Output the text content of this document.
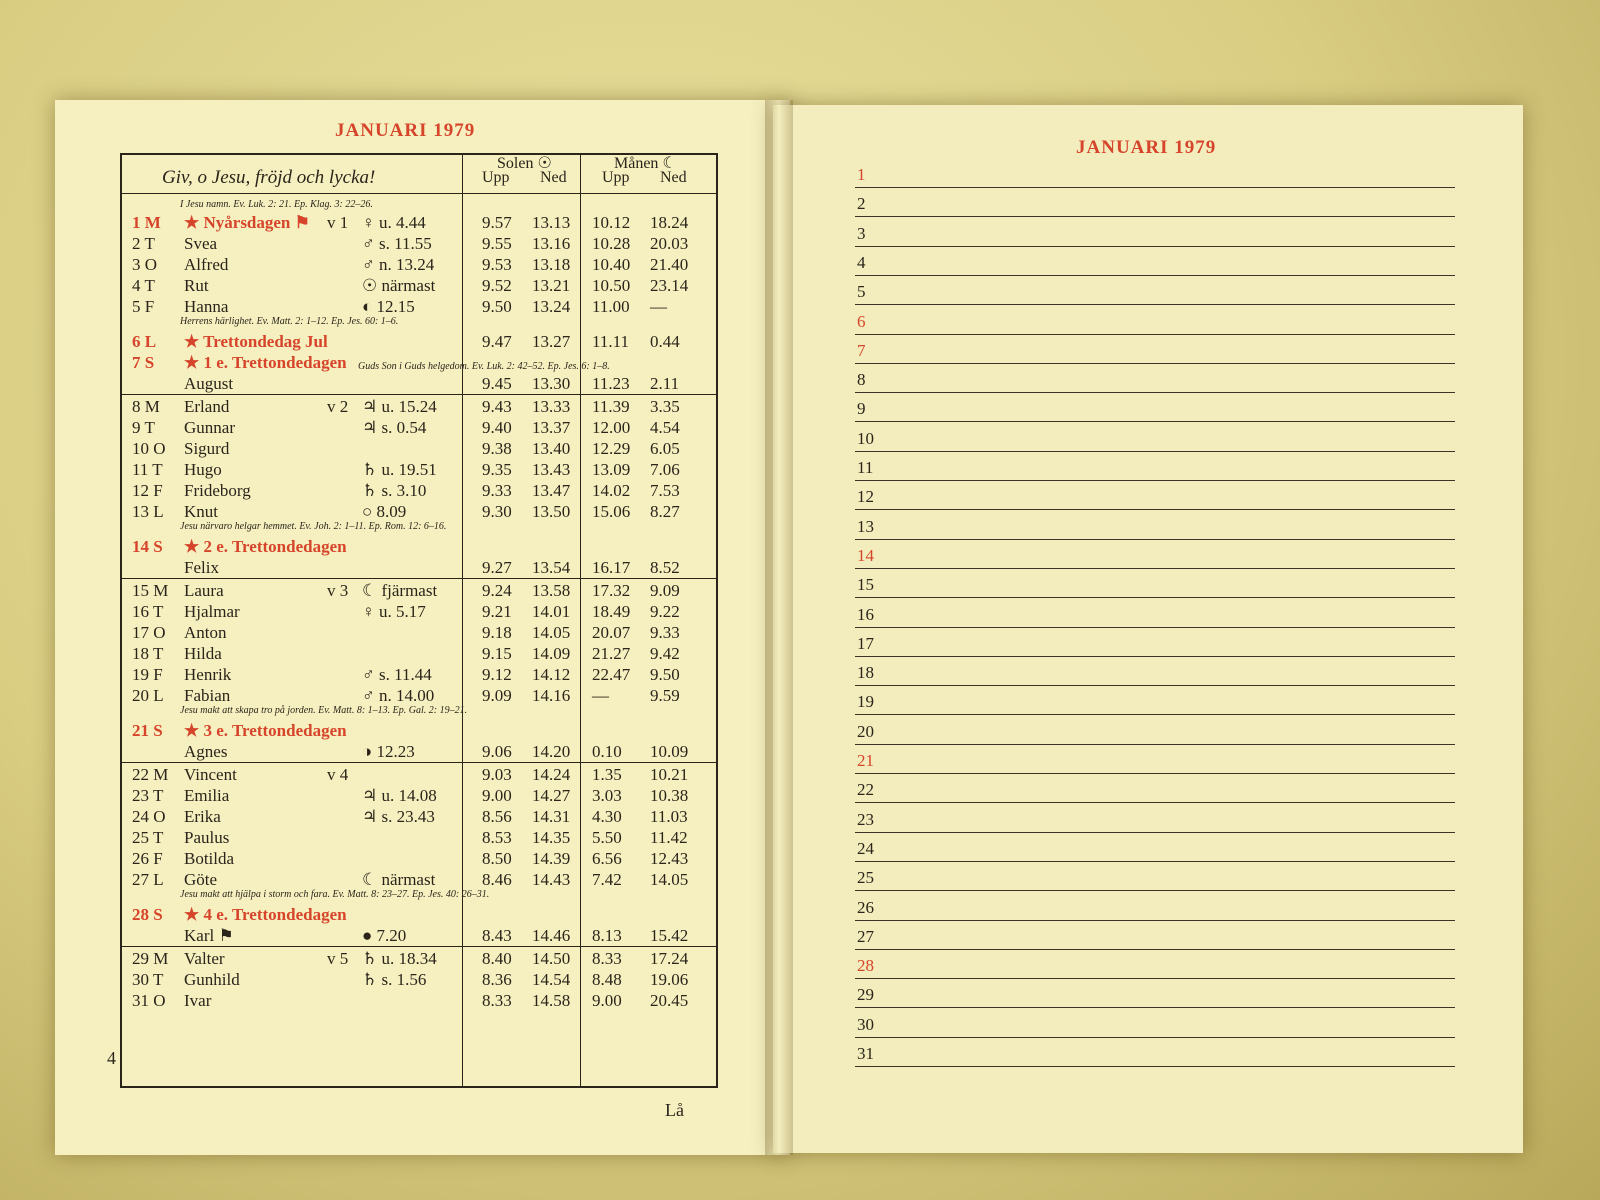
JANUARI 1979
JANUARI 1979
Giv, o Jesu, fröjd och lycka!
Solen ☉
Upp Ned
Månen ☾
Upp Ned
I Jesu namn. Ev. Luk. 2: 21. Ep. Klag. 3: 22–26.
1 M	★ Nyårsdagen ⚑ v 1 ♀ u. 4.44	9.57 13.13 10.12 18.24
2 T	Svea	♂ s. 11.55	9.55 13.16 10.28 20.03
3 O	Alfred	♂ n. 13.24	9.53 13.18 10.40 21.40
4 T	Rut	☉ närmast	9.52 13.21 10.50 23.14
5 F	Hanna	◐ 12.15	9.50 13.24 11.00 —
Herrens härlighet. Ev. Matt. 2: 1–12. Ep. Jes. 60: 1–6.
6 L	★ Trettondedag Jul	9.47 13.27 11.11 0.44
7 S	★ 1 e. Trettondedagen
August	9.45 13.30 11.23 2.11
8 M	Erland	v 2 ♃ u. 15.24	9.43 13.33 11.39 3.35
9 T	Gunnar	♃ s. 0.54	9.40 13.37 12.00 4.54
10 O	Sigurd	9.38 13.40 12.29 6.05
11 T	Hugo	♄ u. 19.51	9.35 13.43 13.09 7.06
12 F	Frideborg	♄ s. 3.10	9.33 13.47 14.02 7.53
13 L	Knut	○ 8.09	9.30 13.50 15.06 8.27
Jesu närvaro helgar hemmet. Ev. Joh. 2: 1–11. Ep. Rom. 12: 6–16.
14 S	★ 2 e. Trettondedagen
Felix	9.27 13.54 16.17 8.52
15 M Laura	v 3 ☾ fjärmast	9.24 13.58 17.32 9.09
16 T	Hjalmar	♀ u. 5.17	9.21 14.01 18.49 9.22
17 O	Anton	9.18 14.05 20.07 9.33
18 T	Hilda	9.15 14.09 21.27 9.42
19 F	Henrik	♂ s. 11.44	9.12 14.12 22.47 9.50
20 L	Fabian	♂ n. 14.00	9.09 14.16 — 9.59
Jesu makt att skapa tro på jorden. Ev. Matt. 8: 1–13. Ep. Gal. 2: 19–21.
21 S	★ 3 e. Trettondedagen
Agnes	◑ 12.23	9.06 14.20 0.10 10.09
22 M Vincent	v 4	9.03 14.24 1.35 10.21
23 T	Emilia	♃ u. 14.08	9.00 14.27 3.03 10.38
24 O	Erika	♃ s. 23.43	8.56 14.31 4.30 11.03
25 T	Paulus	8.53 14.35 5.50 11.42
26 F	Botilda	8.50 14.39 6.56 12.43
27 L	Göte	☾ närmast	8.46 14.43 7.42 14.05
Jesu makt att hjälpa i storm och fara. Ev. Matt. 8: 23–27. Ep. Jes. 40: 26–31.
28 S	★ 4 e. Trettondedagen
Karl ⚑	● 7.20	8.43 14.46 8.13 15.42
29 M Valter	v 5 ♄ u. 18.34	8.40 14.50 8.33 17.24
30 T	Gunhild	♄ s. 1.56	8.36 14.54 8.48 19.06
31 O	Ivar	8.33 14.58 9.00 20.45
Guds Son i Guds helgedom. Ev. Luk. 2: 42–52. Ep. Jes. 6: 1–8.
4
Lå
1
2
3
4
5
6
7
8
9
10
11
12
13
14
15
16
17
18
19
20
21
22
23
24
25
26
27
28
29
30
31
